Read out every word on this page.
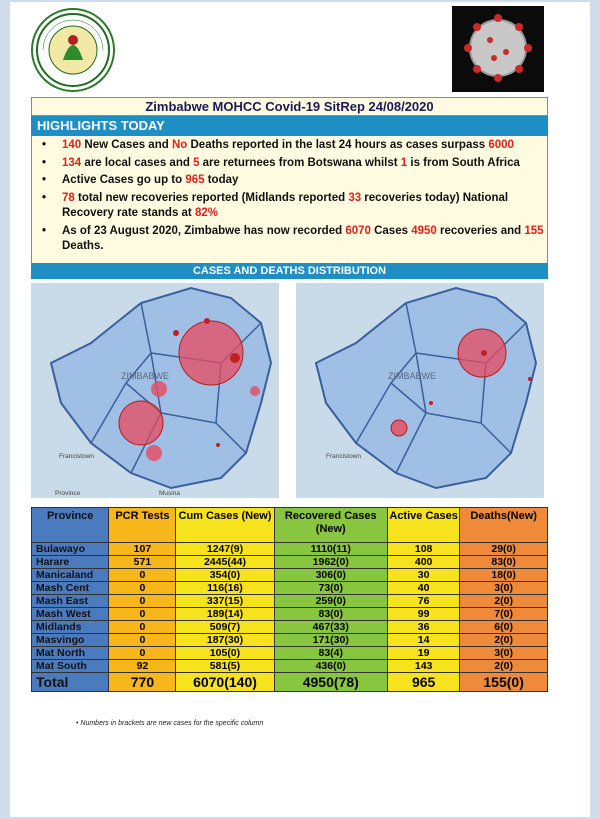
Zimbabwe MOHCC Covid-19 SitRep 24/08/2020
HIGHLIGHTS TODAY
• 140 New Cases and No Deaths reported in the last 24 hours as cases surpass 6000
• 134 are local cases and 5 are returnees from Botswana whilst 1 is from South Africa
• Active Cases go up to 965 today
• 78 total new recoveries reported (Midlands reported 33 recoveries today) National Recovery rate stands at 82%
• As of 23 August 2020, Zimbabwe has now recorded 6070 Cases 4950 recoveries and 155 Deaths.
CASES AND DEATHS DISTRIBUTION
ZIMBABWE
Francistown
Province	Musina
ZIMBABWE
Francistown
Province	PCR Tests	Cum Cases (New)	Recovered Cases (New)	Active Cases	Deaths(New)
Bulawayo	107	1247(9)	1110(11)	108	29(0)
Harare	571	2445(44)	1962(0)	400	83(0)
Manicaland	0	354(0)	306(0)	30	18(0)
Mash Cent	0	116(16)	73(0)	40	3(0)
Mash East	0	337(15)	259(0)	76	2(0)
Mash West	0	189(14)	83(0)	99	7(0)
Midlands	0	509(7)	467(33)	36	6(0)
Masvingo	0	187(30)	171(30)	14	2(0)
Mat North	0	105(0)	83(4)	19	3(0)
Mat South	92	581(5)	436(0)	143	2(0)
Total	770	6070(140)	4950(78)	965	155(0)
• Numbers in brackets are new cases for the specific column
